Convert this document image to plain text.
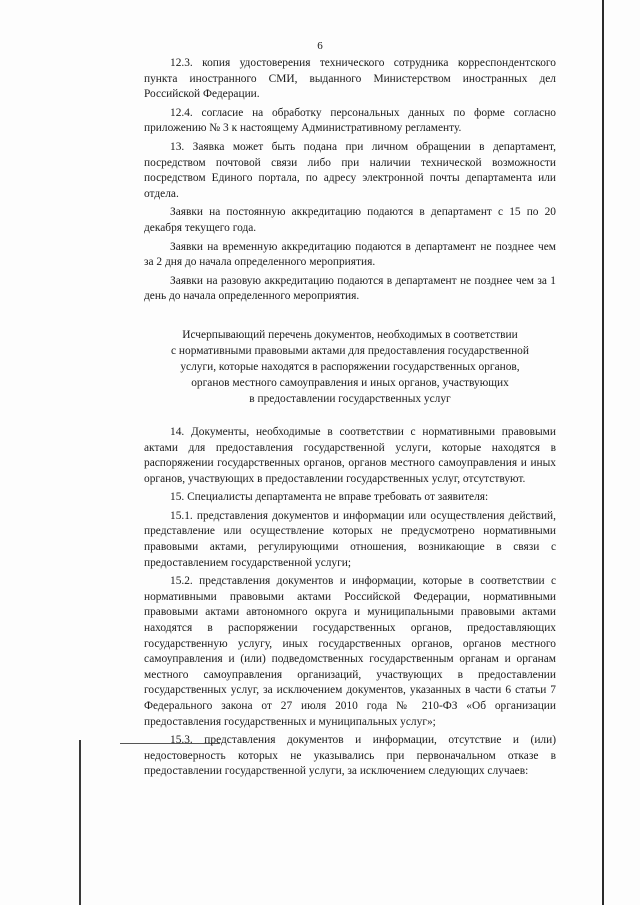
6

12.3. копия удостоверения технического сотрудника корреспондентского пункта иностранного СМИ, выданного Министерством иностранных дел Российской Федерации.

12.4. согласие на обработку персональных данных по форме согласно приложению № 3 к настоящему Административному регламенту.

13. Заявка может быть подана при личном обращении в департамент, посредством почтовой связи либо при наличии технической возможности посредством Единого портала, по адресу электронной почты департамента или отдела.

Заявки на постоянную аккредитацию подаются в департамент с 15 по 20 декабря текущего года.

Заявки на временную аккредитацию подаются в департамент не позднее чем за 2 дня до начала определенного мероприятия.

Заявки на разовую аккредитацию подаются в департамент не позднее чем за 1 день до начала определенного мероприятия.

Исчерпывающий перечень документов, необходимых в соответствии
с нормативными правовыми актами для предоставления государственной
услуги, которые находятся в распоряжении государственных органов,
органов местного самоуправления и иных органов, участвующих
в предоставлении государственных услуг

14. Документы, необходимые в соответствии с нормативными правовыми актами для предоставления государственной услуги, которые находятся в распоряжении государственных органов, органов местного самоуправления и иных органов, участвующих в предоставлении государственных услуг, отсутствуют.

15. Специалисты департамента не вправе требовать от заявителя:

15.1. представления документов и информации или осуществления действий, представление или осуществление которых не предусмотрено нормативными правовыми актами, регулирующими отношения, возникающие в связи с предоставлением государственной услуги;

15.2. представления документов и информации, которые в соответствии с нормативными правовыми актами Российской Федерации, нормативными правовыми актами автономного округа и муниципальными правовыми актами находятся в распоряжении государственных органов, предоставляющих государственную услугу, иных государственных органов, органов местного самоуправления и (или) подведомственных государственным органам и органам местного самоуправления организаций, участвующих в предоставлении государственных услуг, за исключением документов, указанных в части 6 статьи 7 Федерального закона от 27 июля 2010 года № 210-ФЗ «Об организации предоставления государственных и муниципальных услуг»;

15.3. представления документов и информации, отсутствие и (или) недостоверность которых не указывались при первоначальном отказе в предоставлении государственной услуги, за исключением следующих случаев:
